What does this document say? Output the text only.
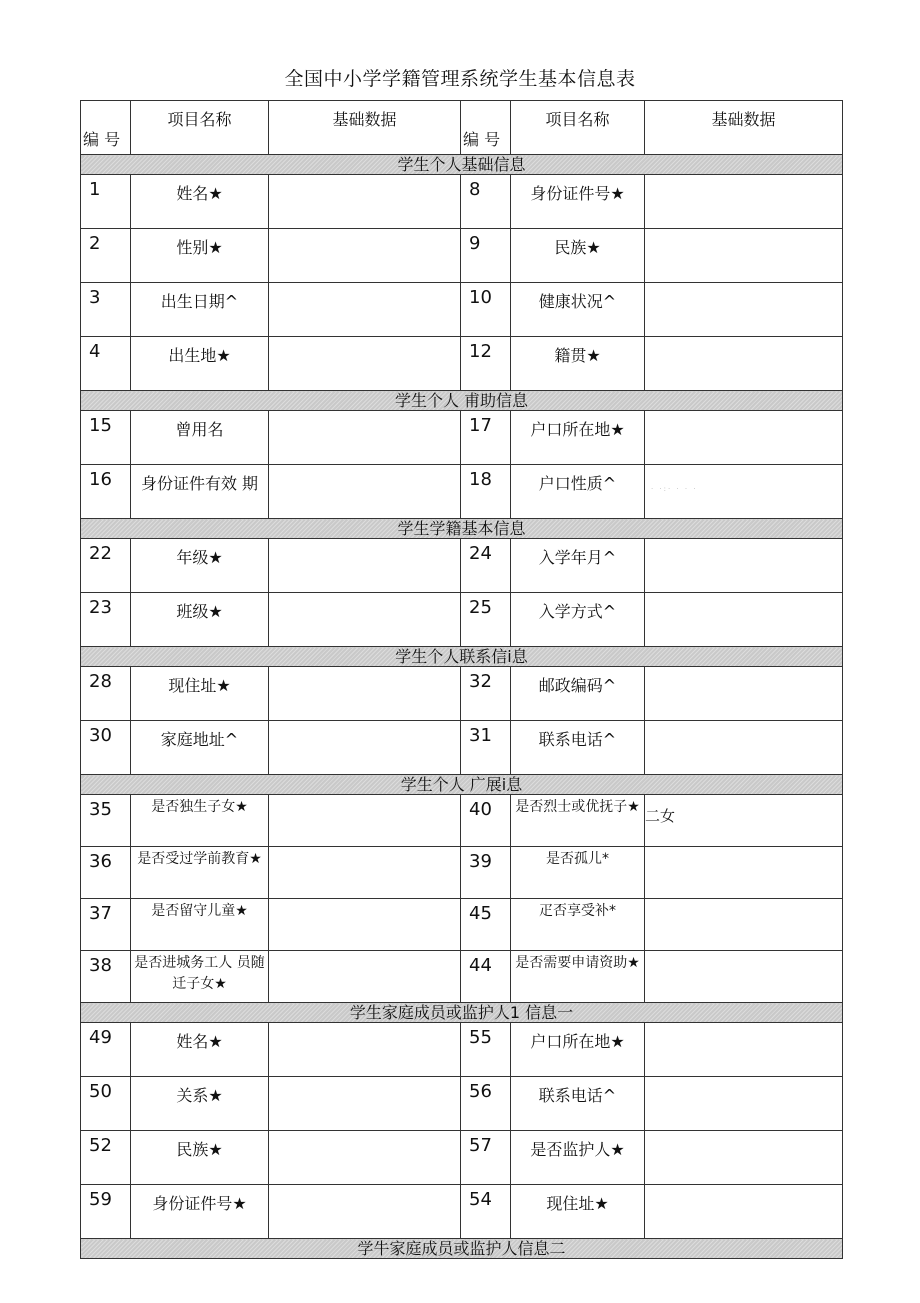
全国中小学学籍管理系统学生基本信息表
编 号	项目名称	基础数据	编 号	项目名称	基础数据
学生个人基础信息					
1	姓名★		8	身份证件号★	
2	性别★		9	民族★	
3	出生日期^		10	健康状况^	
4	出生地★		12	籍贯★	
学生个人 甫助信息					
15	曾用名		17	户口所在地★	
16	身份证件有效 期		18	户口性质^	· ·:· · · ·

学生学籍基本信息					
22	年级★		24	入学年月^	
23	班级★		25	入学方式^	
学生个人联系信i息					
28	现住址★		32	邮政编码^	
30	家庭地址^		31	联系电话^	
学生个人 广展i息					
35	是否独生子女★		40	是否烈士或优抚子★	二女

36	是否受过学前教育★		39	是否孤儿*	
37	是否留守儿童★		45	疋否享受补*	
38	是否进城务工人 员随迁子女★		44	是否需要申请资助★	
学生家庭成员或监护人1 信息一					
49	姓名★		55	户口所在地★	
50	关系★		56	联系电话^	
52	民族★		57	是否监护人★	
59	身份证件号★		54	现住址★	
学牛家庭成员或监护人信息二					
